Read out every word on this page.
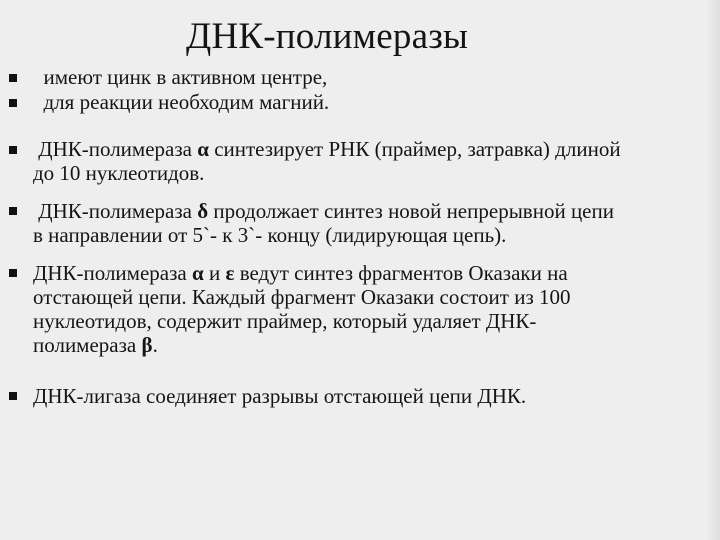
ДНК-полимеразы

имеют цинк в активном центре,

для реакции необходим магний.

ДНК-полимераза α синтезирует РНК (праймер, затравка) длиной
до 10 нуклеотидов.

ДНК-полимераза δ продолжает синтез новой непрерывной цепи
в направлении от 5`- к 3`- концу (лидирующая цепь).

ДНК-полимераза α и ε ведут синтез фрагментов Оказаки на
отстающей цепи. Каждый фрагмент Оказаки состоит из 100
нуклеотидов, содержит праймер, который удаляет ДНК-
полимераза β.

ДНК-лигаза соединяет разрывы отстающей цепи ДНК.
